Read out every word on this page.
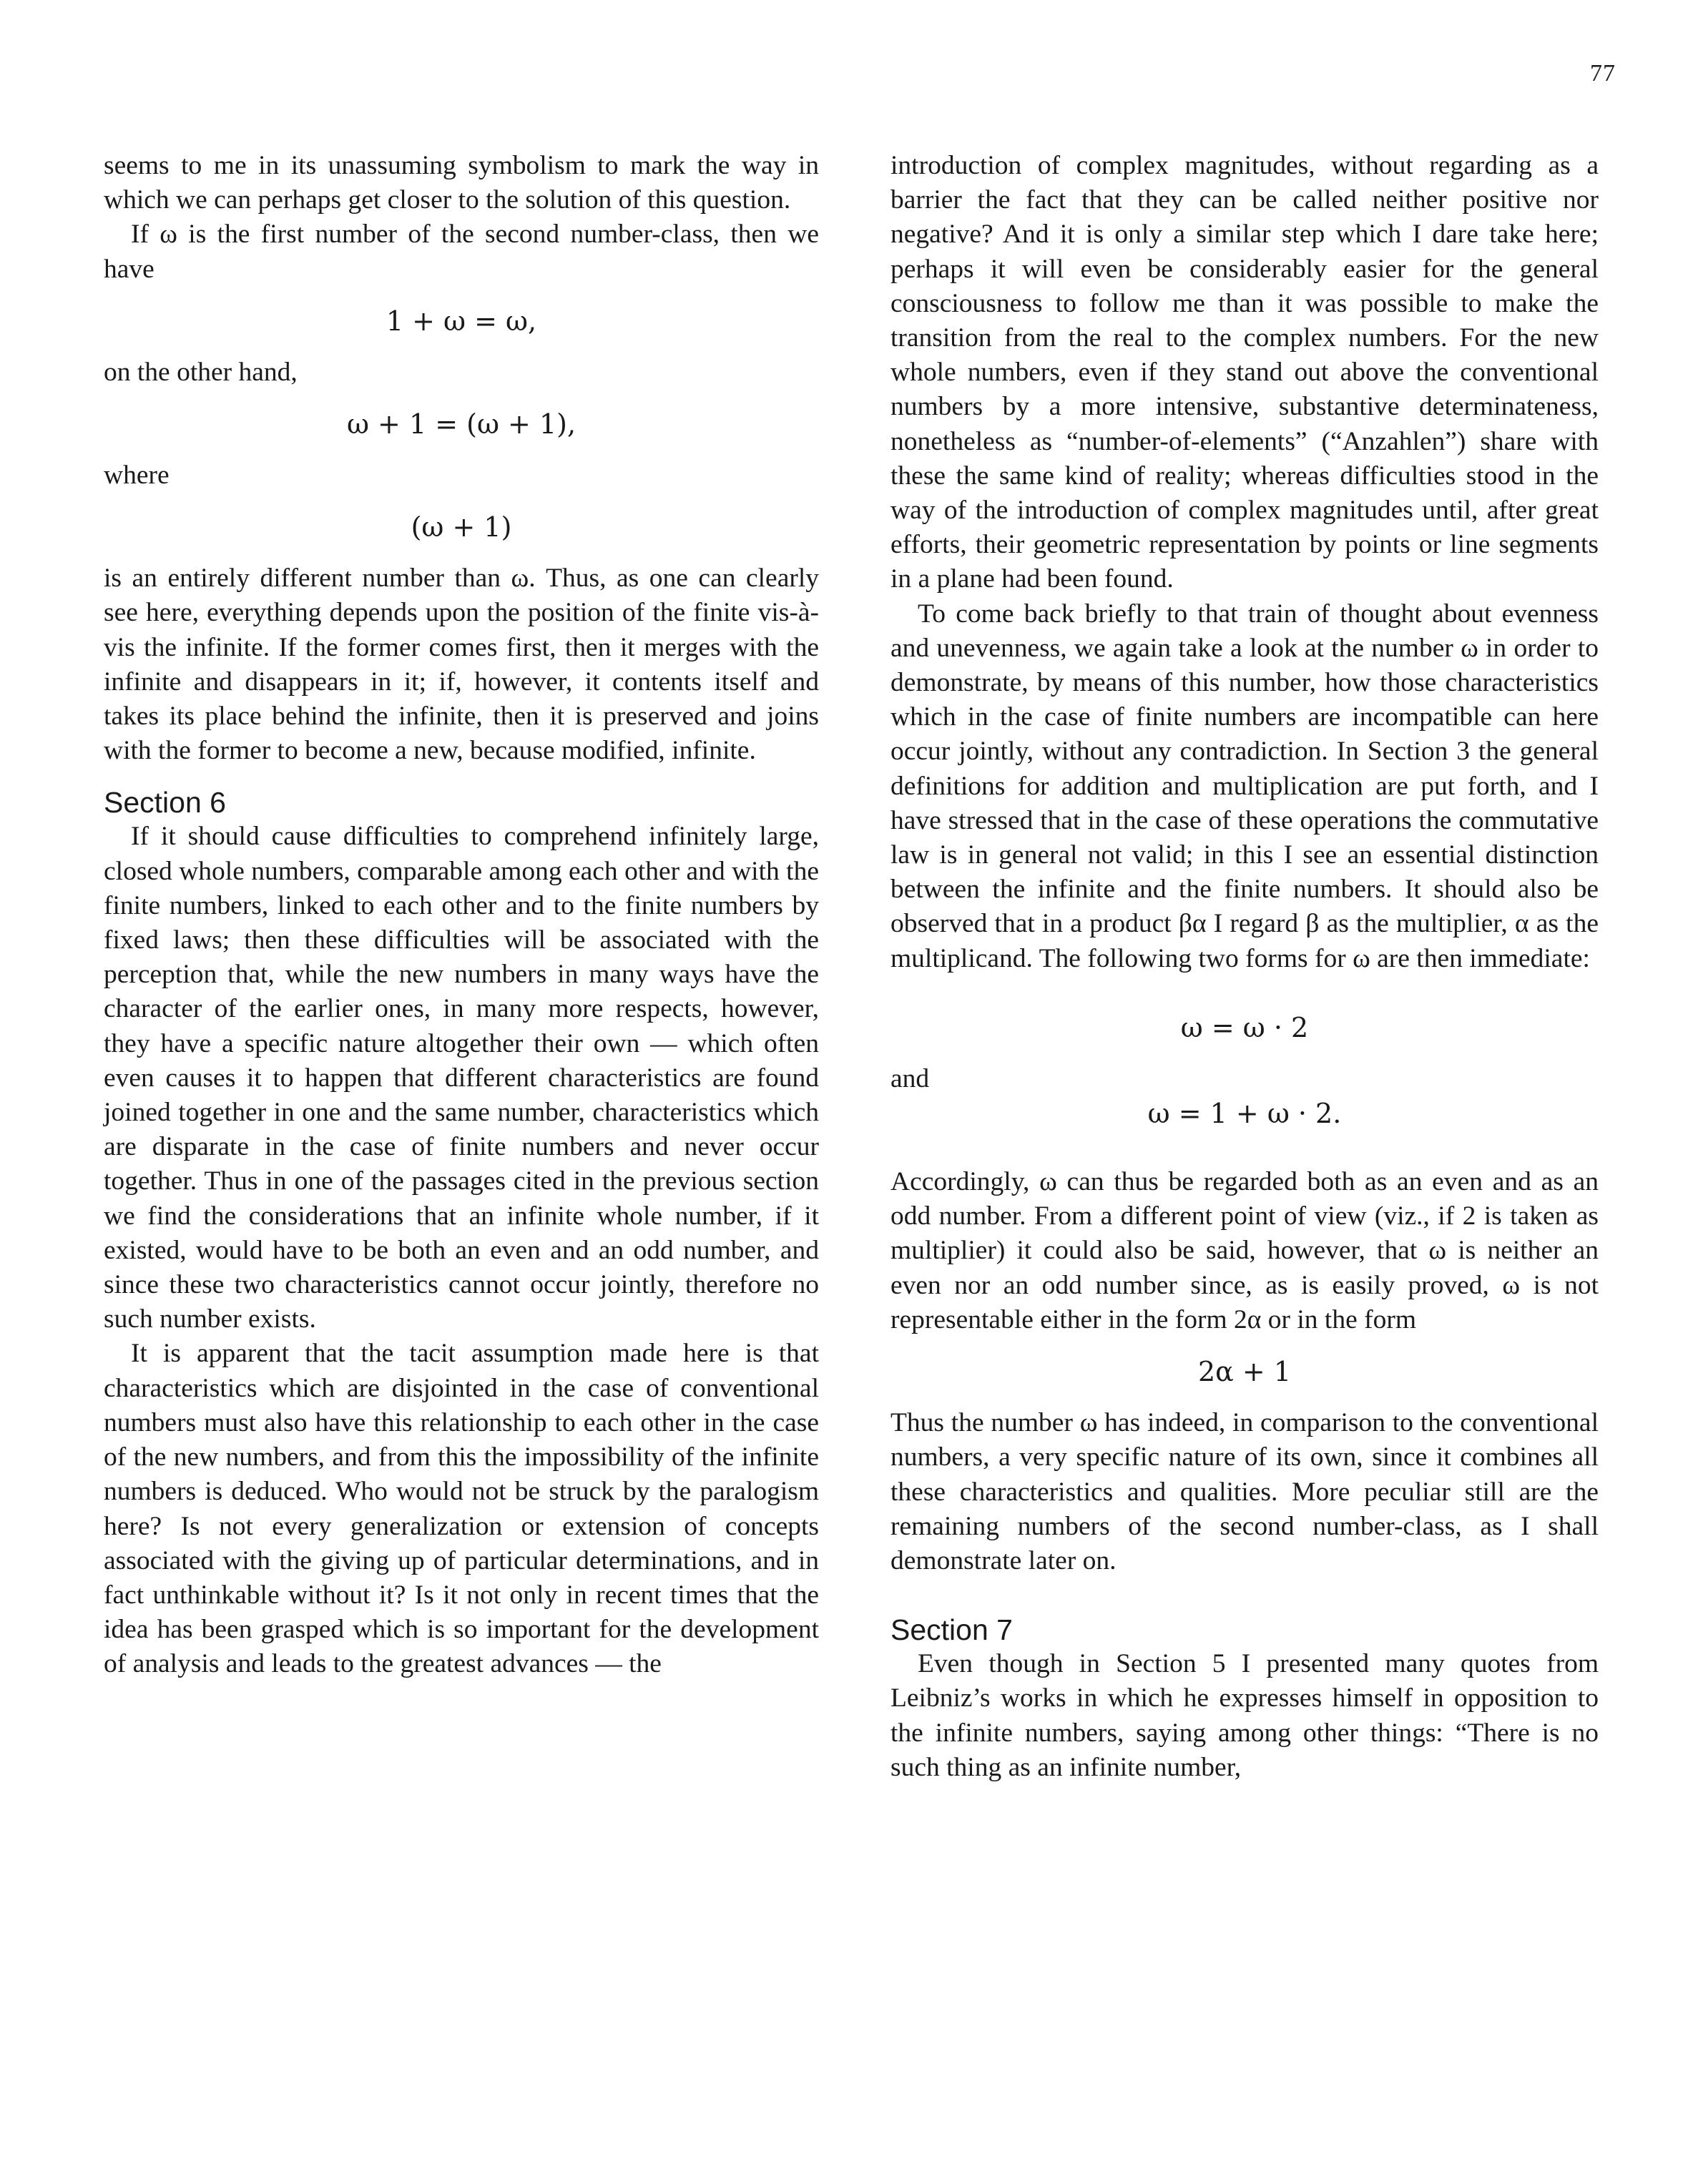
77

seems to me in its unassuming symbolism to mark the way in which we can perhaps get closer to the solution of this question.

If ω is the first number of the second number-class, then we have

1 + ω = ω,

on the other hand,

ω + 1 = (ω + 1),

where

(ω + 1)

is an entirely different number than ω. Thus, as one can clearly see here, everything depends upon the position of the finite vis-à-vis the infinite. If the former comes first, then it merges with the infinite and disappears in it; if, however, it contents itself and takes its place behind the infinite, then it is preserved and joins with the former to become a new, because modified, infinite.

Section 6

If it should cause difficulties to comprehend infinitely large, closed whole numbers, comparable among each other and with the finite numbers, linked to each other and to the finite numbers by fixed laws; then these difficulties will be associated with the perception that, while the new numbers in many ways have the character of the earlier ones, in many more respects, however, they have a specific nature altogether their own — which often even causes it to happen that different characteristics are found joined together in one and the same number, characteristics which are disparate in the case of finite numbers and never occur together. Thus in one of the passages cited in the previous section we find the considerations that an infinite whole number, if it existed, would have to be both an even and an odd number, and since these two characteristics cannot occur jointly, therefore no such number exists.

It is apparent that the tacit assumption made here is that characteristics which are disjointed in the case of conventional numbers must also have this relationship to each other in the case of the new numbers, and from this the impossibility of the infinite numbers is deduced. Who would not be struck by the paralogism here? Is not every generalization or extension of concepts associated with the giving up of particular determinations, and in fact unthinkable without it? Is it not only in recent times that the idea has been grasped which is so important for the development of analysis and leads to the greatest advances — the

introduction of complex magnitudes, without regarding as a barrier the fact that they can be called neither positive nor negative? And it is only a similar step which I dare take here; perhaps it will even be considerably easier for the general consciousness to follow me than it was possible to make the transition from the real to the complex numbers. For the new whole numbers, even if they stand out above the conventional numbers by a more intensive, substantive determinateness, nonetheless as “number-of-elements” (“Anzahlen”) share with these the same kind of reality; whereas difficulties stood in the way of the introduction of complex magnitudes until, after great efforts, their geometric representation by points or line segments in a plane had been found.

To come back briefly to that train of thought about evenness and unevenness, we again take a look at the number ω in order to demonstrate, by means of this number, how those characteristics which in the case of finite numbers are incompatible can here occur jointly, without any contradiction. In Section 3 the general definitions for addition and multiplication are put forth, and I have stressed that in the case of these operations the commutative law is in general not valid; in this I see an essential distinction between the infinite and the finite numbers. It should also be observed that in a product βα I regard β as the multiplier, α as the multiplicand. The following two forms for ω are then immediate:

ω = ω · 2

and

ω = 1 + ω · 2.

Accordingly, ω can thus be regarded both as an even and as an odd number. From a different point of view (viz., if 2 is taken as multiplier) it could also be said, however, that ω is neither an even nor an odd number since, as is easily proved, ω is not representable either in the form 2α or in the form

2α + 1

Thus the number ω has indeed, in comparison to the conventional numbers, a very specific nature of its own, since it combines all these characteristics and qualities. More peculiar still are the remaining numbers of the second number-class, as I shall demonstrate later on.

Section 7

Even though in Section 5 I presented many quotes from Leibniz’s works in which he expresses himself in opposition to the infinite numbers, saying among other things: “There is no such thing as an infinite number,
